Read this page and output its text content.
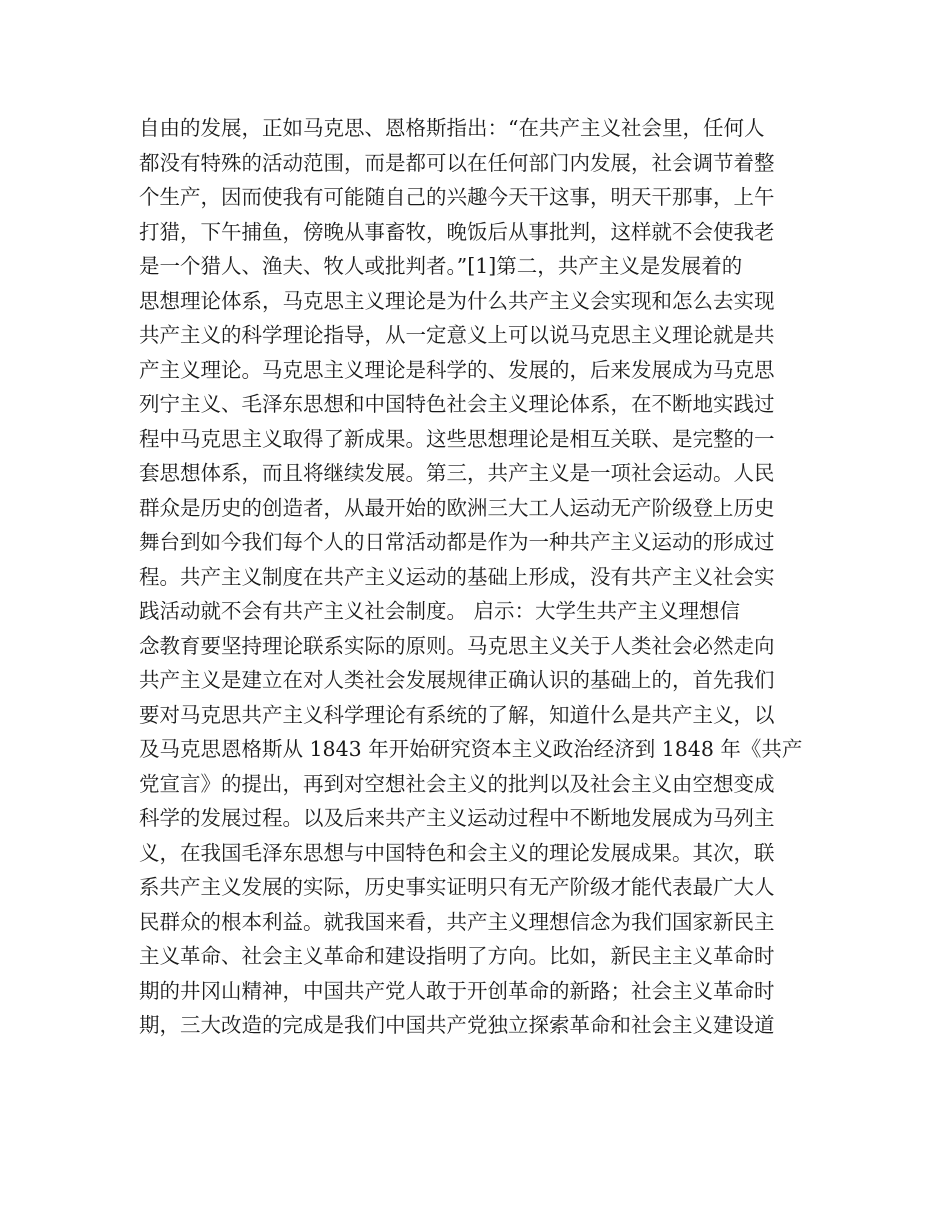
自由的发展，正如马克思、恩格斯指出：“在共产主义社会里，任何人
都没有特殊的活动范围，而是都可以在任何部门内发展，社会调节着整
个生产，因而使我有可能随自己的兴趣今天干这事，明天干那事，上午
打猎，下午捕鱼，傍晚从事畜牧，晚饭后从事批判，这样就不会使我老
是一个猎人、渔夫、牧人或批判者。”[1]第二，共产主义是发展着的
思想理论体系，马克思主义理论是为什么共产主义会实现和怎么去实现
共产主义的科学理论指导，从一定意义上可以说马克思主义理论就是共
产主义理论。马克思主义理论是科学的、发展的，后来发展成为马克思
列宁主义、毛泽东思想和中国特色社会主义理论体系，在不断地实践过
程中马克思主义取得了新成果。这些思想理论是相互关联、是完整的一
套思想体系，而且将继续发展。第三，共产主义是一项社会运动。人民
群众是历史的创造者，从最开始的欧洲三大工人运动无产阶级登上历史
舞台到如今我们每个人的日常活动都是作为一种共产主义运动的形成过
程。共产主义制度在共产主义运动的基础上形成，没有共产主义社会实
践活动就不会有共产主义社会制度。 启示：大学生共产主义理想信
念教育要坚持理论联系实际的原则。马克思主义关于人类社会必然走向
共产主义是建立在对人类社会发展规律正确认识的基础上的，首先我们
要对马克思共产主义科学理论有系统的了解，知道什么是共产主义，以
及马克思恩格斯从 1843 年开始研究资本主义政治经济到 1848 年《共产
党宣言》的提出，再到对空想社会主义的批判以及社会主义由空想变成
科学的发展过程。以及后来共产主义运动过程中不断地发展成为马列主
义，在我国毛泽东思想与中国特色和会主义的理论发展成果。其次，联
系共产主义发展的实际，历史事实证明只有无产阶级才能代表最广大人
民群众的根本利益。就我国来看，共产主义理想信念为我们国家新民主
主义革命、社会主义革命和建设指明了方向。比如，新民主主义革命时
期的井冈山精神，中国共产党人敢于开创革命的新路；社会主义革命时
期，三大改造的完成是我们中国共产党独立探索革命和社会主义建设道
